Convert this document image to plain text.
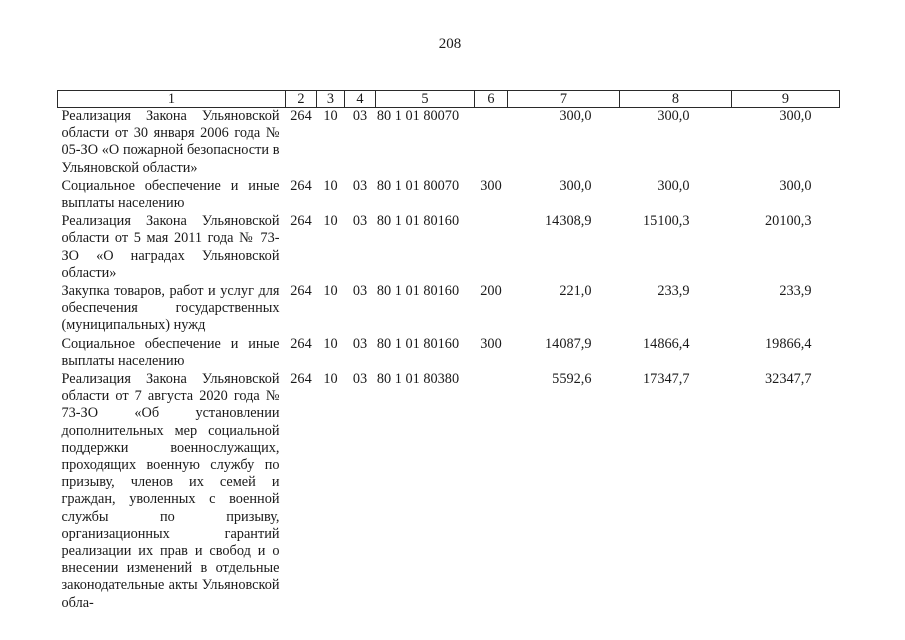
208
1	2	3	4	5	6	7	8	9
Реализация Закона Ульяновской области от 30 января 2006 года № 05-ЗО «О пожарной безопасности в Ульяновской области»	264	10	03	80 1 01 80070		300,0	300,0	300,0
Социальное обеспечение и иные выплаты населению	264	10	03	80 1 01 80070	300	300,0	300,0	300,0
Реализация Закона Ульяновской области от 5 мая 2011 года № 73-ЗО «О наградах Ульяновской области»	264	10	03	80 1 01 80160		14308,9	15100,3	20100,3
Закупка товаров, работ и услуг для обеспечения государственных (муниципальных) нужд	264	10	03	80 1 01 80160	200	221,0	233,9	233,9
Социальное обеспечение и иные выплаты населению	264	10	03	80 1 01 80160	300	14087,9	14866,4	19866,4
Реализация Закона Ульяновской области от 7 августа 2020 года № 73-ЗО «Об установлении дополнительных мер социальной поддержки военнослужащих, проходящих военную службу по призыву, членов их семей и граждан, уволенных с военной службы по призыву, организационных гарантий реализации их прав и свобод и о внесении изменений в отдельные законодательные акты Ульяновской обла-	264	10	03	80 1 01 80380		5592,6	17347,7	32347,7
